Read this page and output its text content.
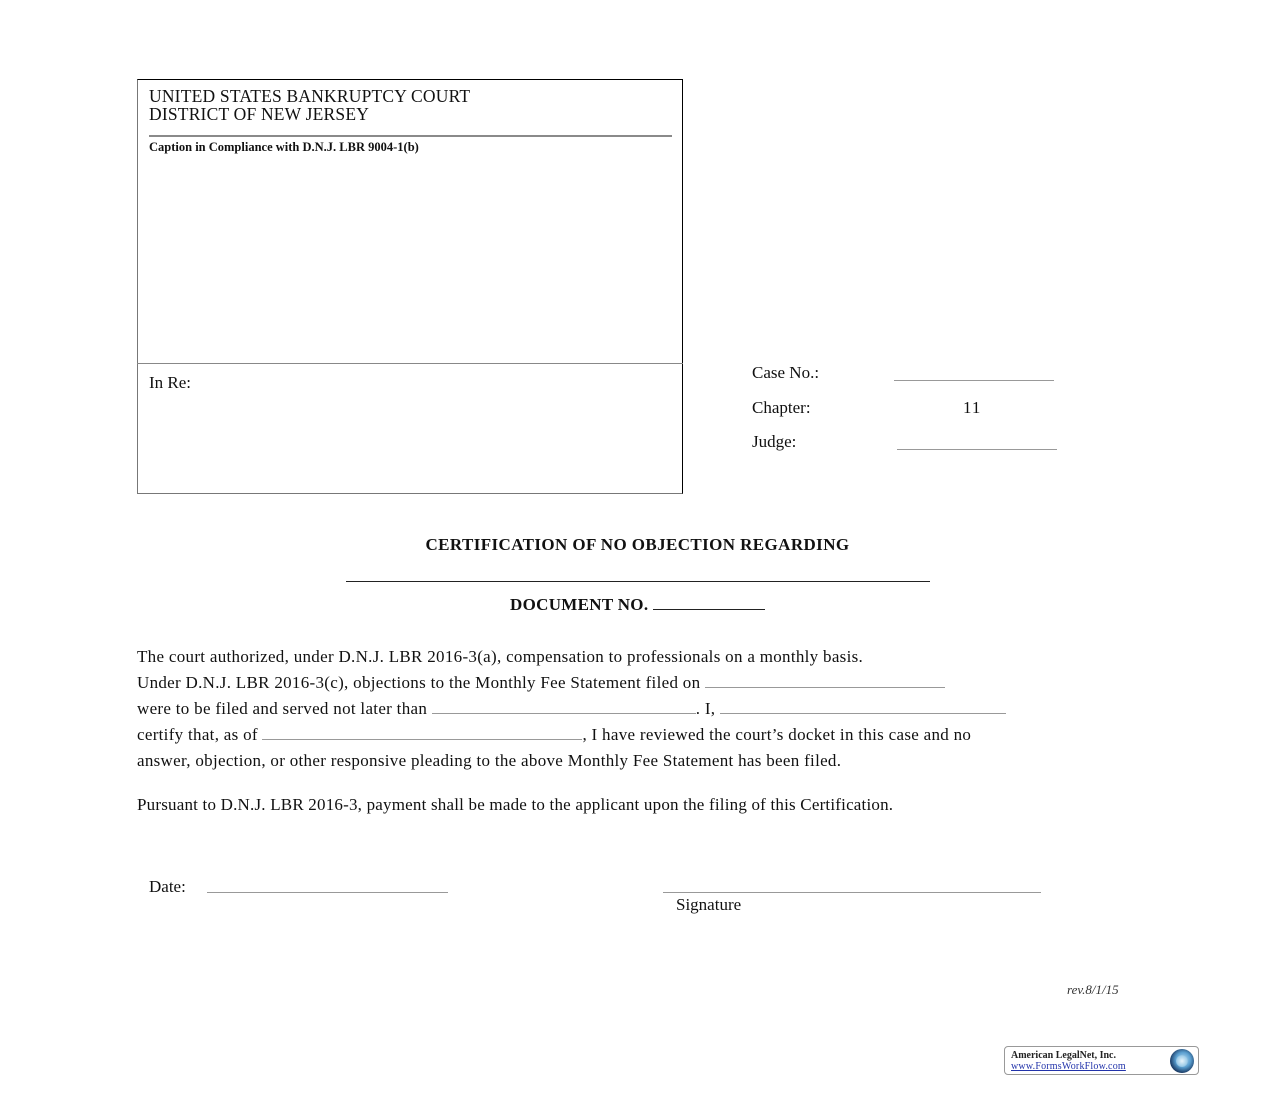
UNITED STATES BANKRUPTCY COURT
DISTRICT OF NEW JERSEY
Caption in Compliance with D.N.J. LBR 9004-1(b)
In Re:
Case No.:
Chapter:	11
Judge:
CERTIFICATION OF NO OBJECTION REGARDING
DOCUMENT NO.
The court authorized, under D.N.J. LBR 2016-3(a), compensation to professionals on a monthly basis.
Under D.N.J. LBR 2016-3(c), objections to the Monthly Fee Statement filed on
were to be filed and served not later than	. I,
certify that, as of	, I have reviewed the court’s docket in this case and no
answer, objection, or other responsive pleading to the above Monthly Fee Statement has been filed.
Pursuant to D.N.J. LBR 2016-3, payment shall be made to the applicant upon the filing of this Certification.
Date:
Signature
rev.8/1/15
American LegalNet, Inc.
www.FormsWorkFlow.com
